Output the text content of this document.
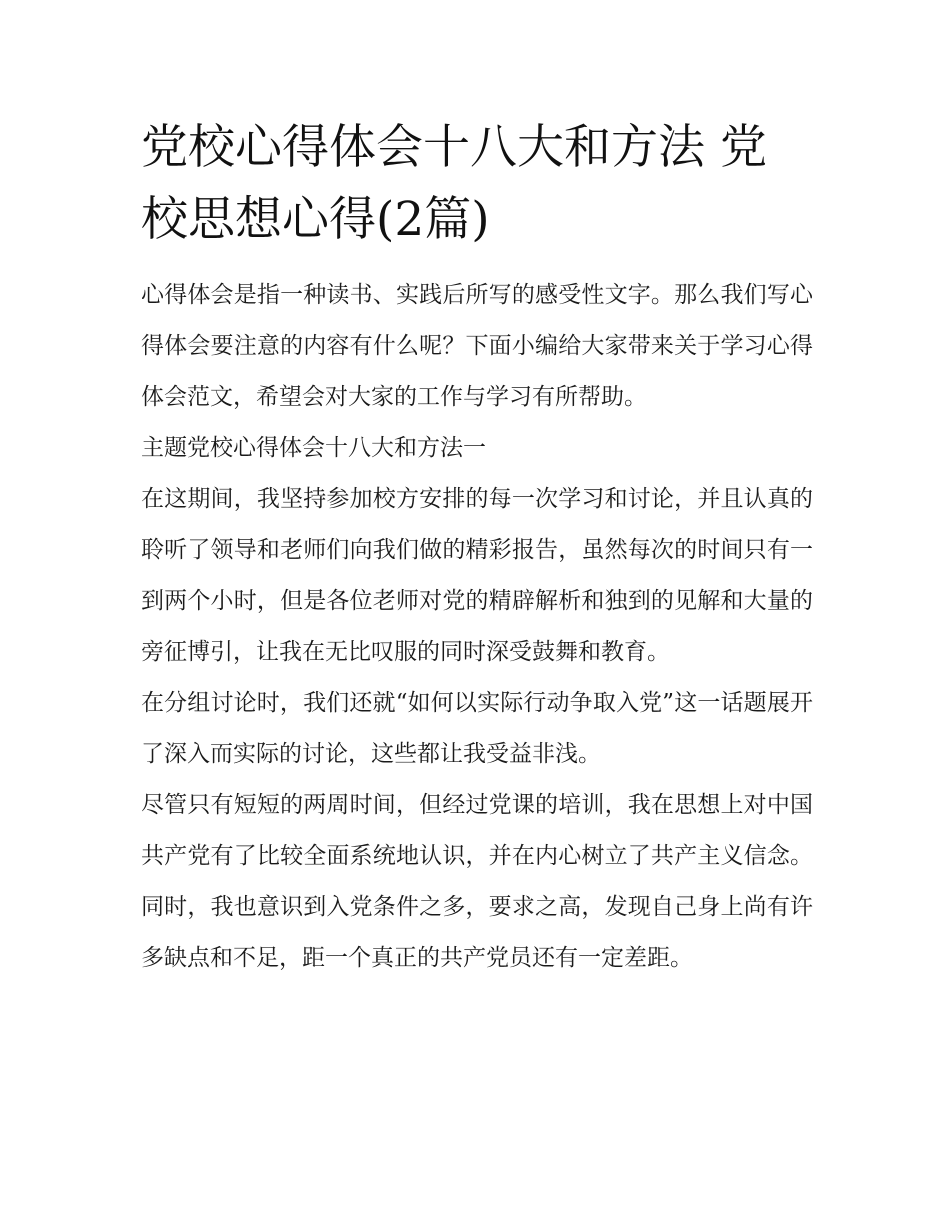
党校心得体会十八大和方法 党校思想心得(2篇)

心得体会是指一种读书、实践后所写的感受性文字。那么我们写心得体会要注意的内容有什么呢？下面小编给大家带来关于学习心得体会范文，希望会对大家的工作与学习有所帮助。

主题党校心得体会十八大和方法一

在这期间，我坚持参加校方安排的每一次学习和讨论，并且认真的聆听了领导和老师们向我们做的精彩报告，虽然每次的时间只有一到两个小时，但是各位老师对党的精辟解析和独到的见解和大量的旁征博引，让我在无比叹服的同时深受鼓舞和教育。

在分组讨论时，我们还就“如何以实际行动争取入党”这一话题展开了深入而实际的讨论，这些都让我受益非浅。

尽管只有短短的两周时间，但经过党课的培训，我在思想上对中国共产党有了比较全面系统地认识，并在内心树立了共产主义信念。同时，我也意识到入党条件之多，要求之高，发现自己身上尚有许多缺点和不足，距一个真正的共产党员还有一定差距。
